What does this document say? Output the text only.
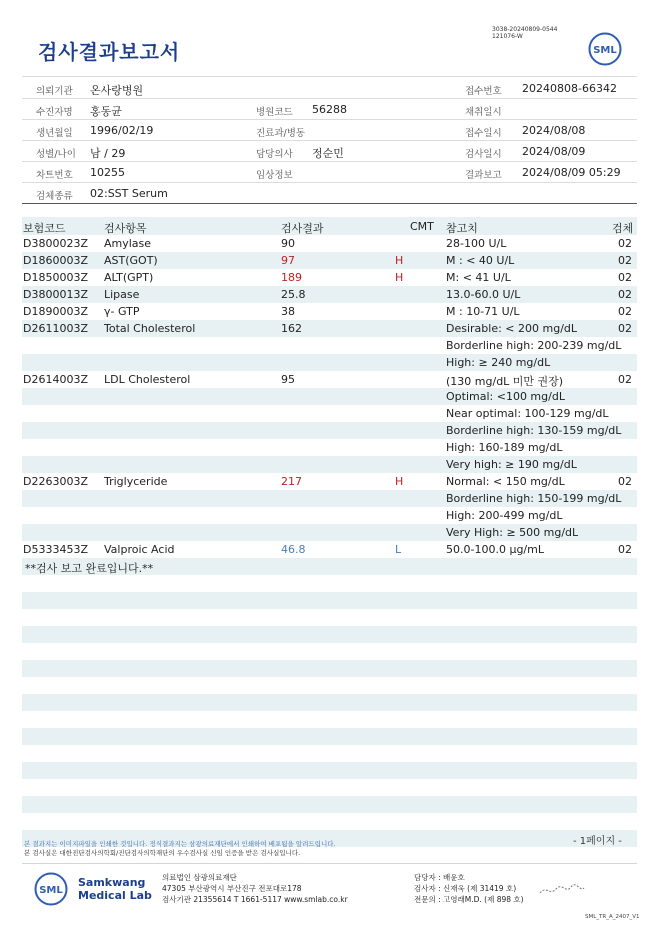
3038-20240809-0544
121076-W
검사결과보고서	SML
의뢰기관 온사랑병원	접수번호 20240808-66342
수진자명 홍동균	병원코드 56288	채취일시
생년월일 1996/02/19	진료과/병동	접수일시 2024/08/08
성별/나이 남 / 29	담당의사 정순민	검사일시 2024/08/09
차트번호 10255	임상정보	결과보고 2024/08/09 05:29
검체종류 02:SST Serum
보험코드	검사항목	검사결과	CMT 참고치	검체
D3800023Z Amylase	90	28-100 U/L	02
D1860003Z AST(GOT)	97	H	M : < 40 U/L	02
D1850003Z ALT(GPT)	189	H	M: < 41 U/L	02
D3800013Z Lipase	25.8	13.0-60.0 U/L	02
D1890003Z γ- GTP	38	M : 10-71 U/L	02
D2611003Z Total Cholesterol	162	Desirable: < 200 mg/dL	02
Borderline high: 200-239 mg/dL
High: ≥ 240 mg/dL
D2614003Z LDL Cholesterol	95	(130 mg/dL 미만 권장)	02
Optimal: <100 mg/dL
Near optimal: 100-129 mg/dL
Borderline high: 130-159 mg/dL
High: 160-189 mg/dL
Very high: ≥ 190 mg/dL
D2263003Z Triglyceride	217	H	Normal: < 150 mg/dL	02
Borderline high: 150-199 mg/dL
High: 200-499 mg/dL
Very High: ≥ 500 mg/dL
D5333453Z Valproic Acid	46.8	L	50.0-100.0 μg/mL	02
**검사 보고 완료입니다.**
본 결과지는 이미지파일을 인쇄한 것입니다. 정식결과지는 삼광의료재단에서 인쇄하여 배포됨을 알려드립니다.
본 검사실은 대한진단검사의학회/진단검사의학재단의 우수검사실 신임 인증을 받은 검사실입니다.
- 1페이지 -
SML
Samkwang
Medical Lab
의료법인 삼광의료재단
47305 부산광역시 부산진구 전포대로178
검사기관 21355614 T 1661-5117 www.smlab.co.kr
담당자 : 배윤호
검사자 : 신재욱 (제 31419 호)
전문의 : 고영래M.D. (제 898 호)
SML_TR_A_2407_V1
